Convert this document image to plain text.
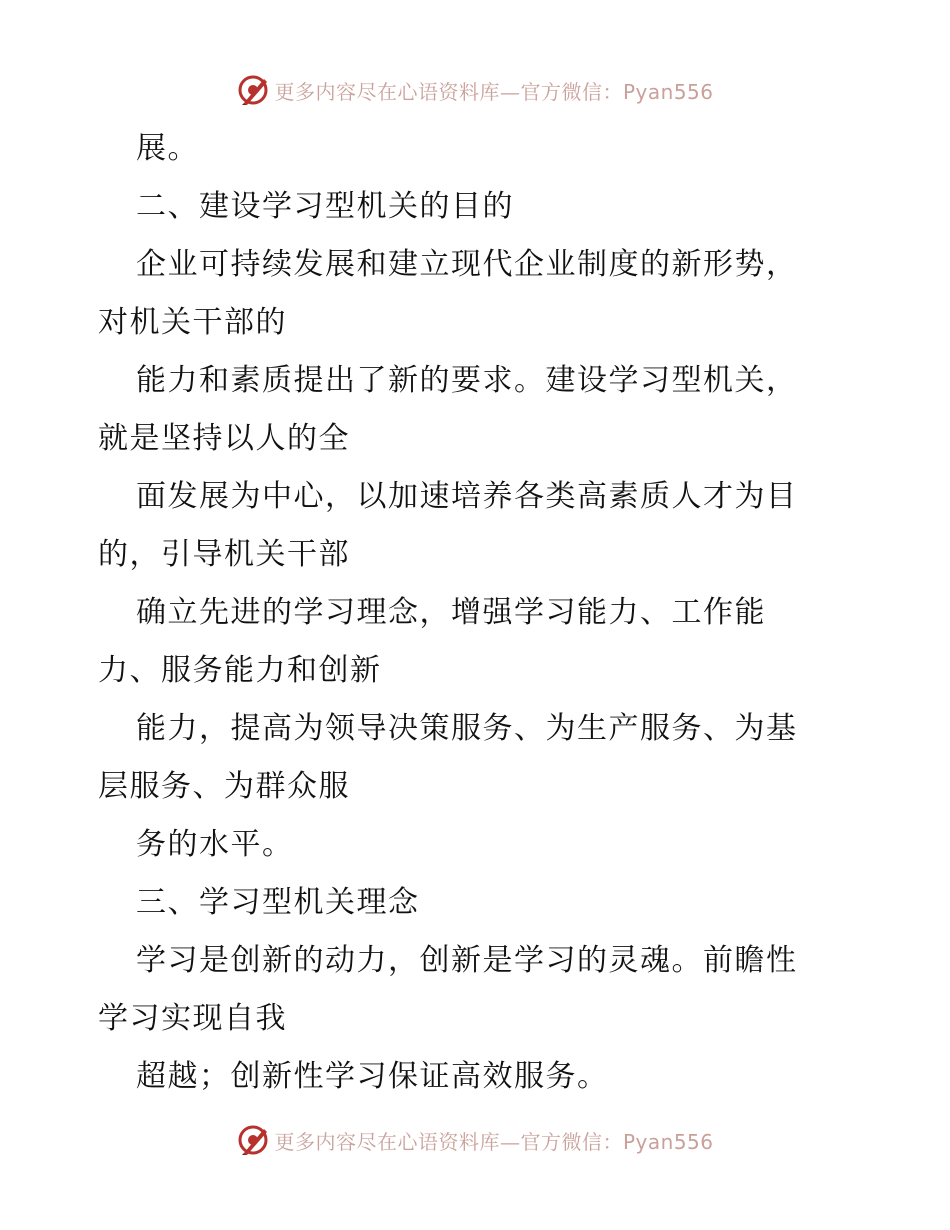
更多内容尽在心语资料库—官方微信：Pyan556
展。
二、建设学习型机关的目的
企业可持续发展和建立现代企业制度的新形势，
对机关干部的
能力和素质提出了新的要求。建设学习型机关，
就是坚持以人的全
面发展为中心，以加速培养各类高素质人才为目
的，引导机关干部
确立先进的学习理念，增强学习能力、工作能
力、服务能力和创新
能力，提高为领导决策服务、为生产服务、为基
层服务、为群众服
务的水平。
三、学习型机关理念
学习是创新的动力，创新是学习的灵魂。前瞻性
学习实现自我
超越；创新性学习保证高效服务。
更多内容尽在心语资料库—官方微信：Pyan556
